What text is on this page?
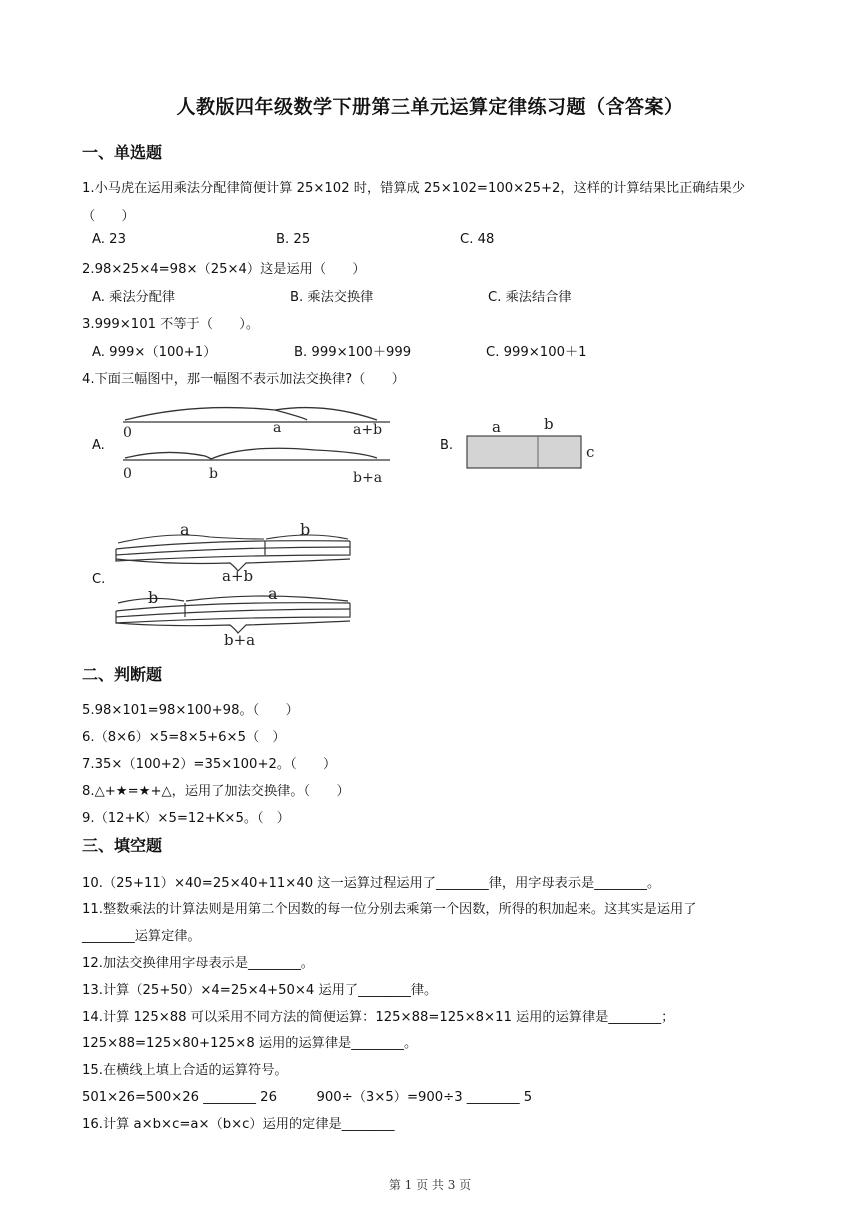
人教版四年级数学下册第三单元运算定律练习题（含答案）
一、单选题
1.小马虎在运用乘法分配律简便计算 25×102 时，错算成 25×102=100×25+2，这样的计算结果比正确结果少
（　　）
A. 23	B. 25	C. 48
2.98×25×4=98×（25×4）这是运用（　　）
A. 乘法分配律	B. 乘法交换律	C. 乘法结合律
3.999×101 不等于（　　）。
A. 999×（100+1）	B. 999×100＋999	C. 999×100＋1
4.下面三幅图中，那一幅图不表示加法交换律?（　　）
A.	B.
C.
0	a	a+b
0	b	b+a
a	b
c
a	b
a+b
b	a
b+a
二、判断题
5.98×101=98×100+98。（　　）
6.（8×6）×5=8×5+6×5（　）
7.35×（100+2）=35×100+2。（　　）
8.△+★=★+△，运用了加法交换律。（　　）
9.（12+K）×5=12+K×5。（　）
三、填空题
10.（25+11）×40=25×40+11×40 这一运算过程运用了________律，用字母表示是________。
11.整数乘法的计算法则是用第二个因数的每一位分别去乘第一个因数，所得的积加起来。这其实是运用了
________运算定律。
12.加法交换律用字母表示是________。
13.计算（25+50）×4=25×4+50×4 运用了________律。
14.计算 125×88 可以采用不同方法的简便运算：125×88=125×8×11 运用的运算律是________；
125×88=125×80+125×8 运用的运算律是________。
15.在横线上填上合适的运算符号。
501×26=500×26 ________ 26　　　900÷（3×5）=900÷3 ________ 5
16.计算 a×b×c=a×（b×c）运用的定律是________
第 1 页 共 3 页
